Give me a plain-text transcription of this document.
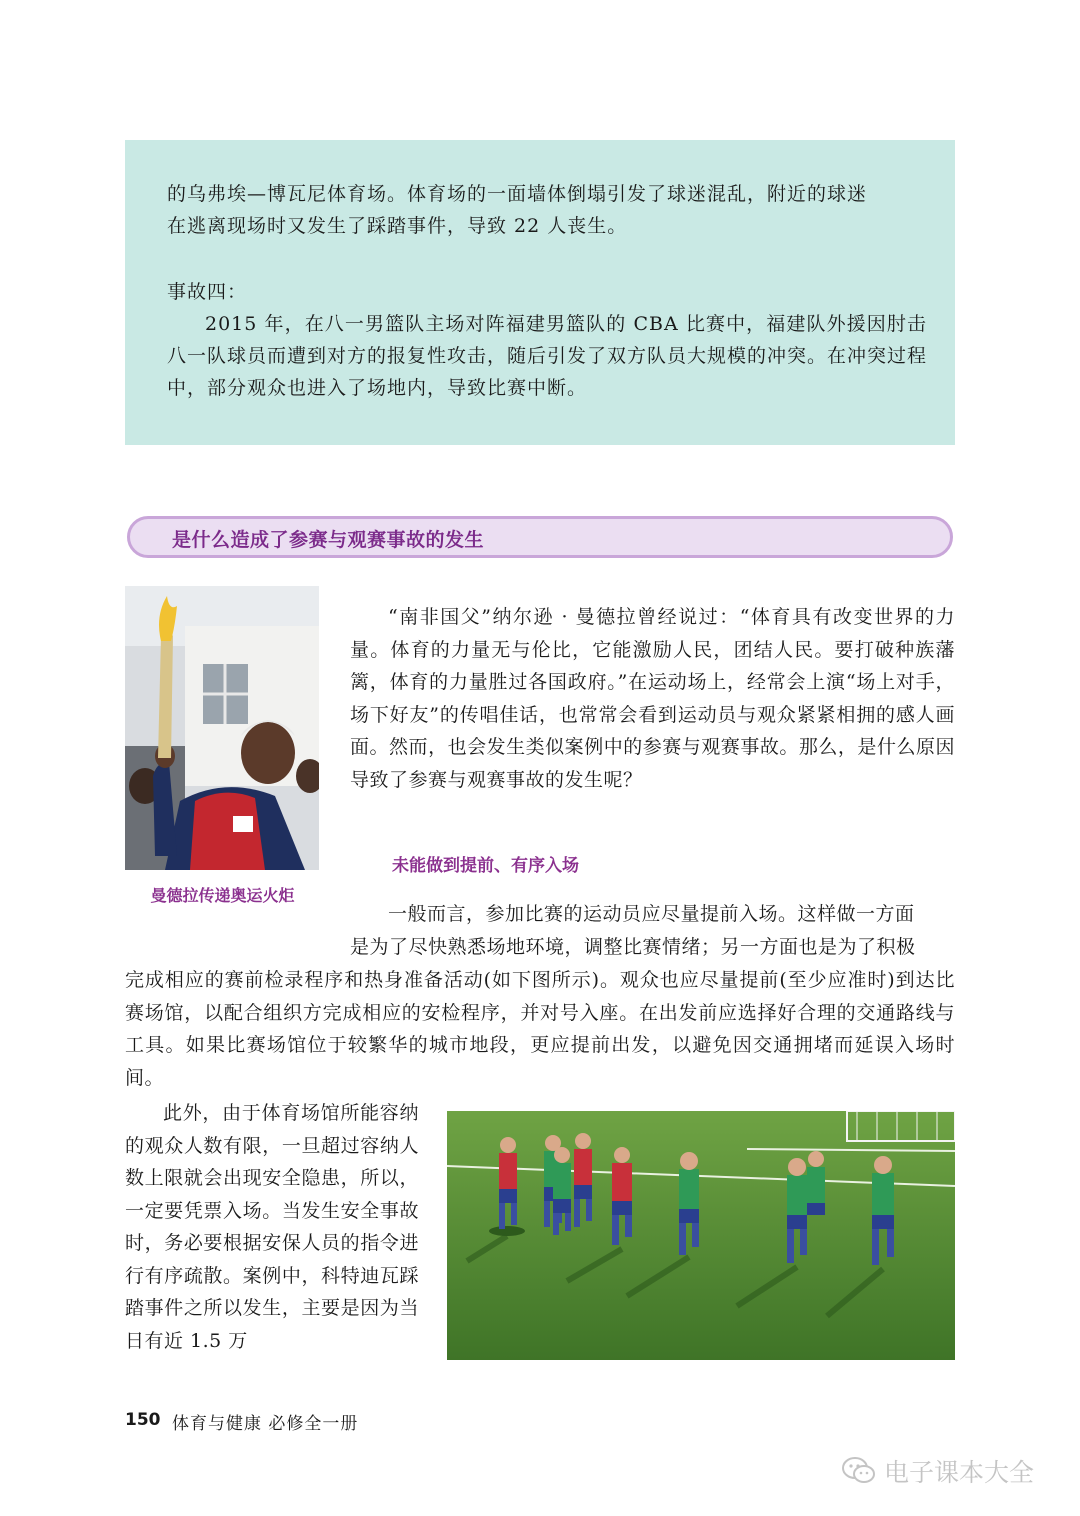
的乌弗埃—博瓦尼体育场。体育场的一面墙体倒塌引发了球迷混乱，附近的球迷

在逃离现场时又发生了踩踏事件，导致 22 人丧生。

事故四：

2015 年，在八一男篮队主场对阵福建男篮队的 CBA 比赛中，福建队外援因肘击八一队球员而遭到对方的报复性攻击，随后引发了双方队员大规模的冲突。在冲突过程中，部分观众也进入了场地内，导致比赛中断。

是什么造成了参赛与观赛事故的发生
曼德拉传递奥运火炬

“南非国父”纳尔逊 · 曼德拉曾经说过：“体育具有改变世界的力量。体育的力量无与伦比，它能激励人民，团结人民。要打破种族藩篱，体育的力量胜过各国政府。”在运动场上，经常会上演“场上对手，场下好友”的传唱佳话，也常常会看到运动员与观众紧紧相拥的感人画面。然而，也会发生类似案例中的参赛与观赛事故。那么，是什么原因导致了参赛与观赛事故的发生呢？

未能做到提前、有序入场

一般而言，参加比赛的运动员应尽量提前入场。这样做一方面

是为了尽快熟悉场地环境，调整比赛情绪；另一方面也是为了积极

完成相应的赛前检录程序和热身准备活动(如下图所示)。观众也应尽量提前(至少应准时)到达比赛场馆，以配合组织方完成相应的安检程序，并对号入座。在出发前应选择好合理的交通路线与工具。如果比赛场馆位于较繁华的城市地段，更应提前出发，以避免因交通拥堵而延误入场时间。

此外，由于体育场馆所能容纳的观众人数有限，一旦超过容纳人数上限就会出现安全隐患，所以，一定要凭票入场。当发生安全事故时，务必要根据安保人员的指令进行有序疏散。案例中，科特迪瓦踩踏事件之所以发生，主要是因为当日有近 1.5 万

150 体育与健康 必修全一册
电子课本大全
